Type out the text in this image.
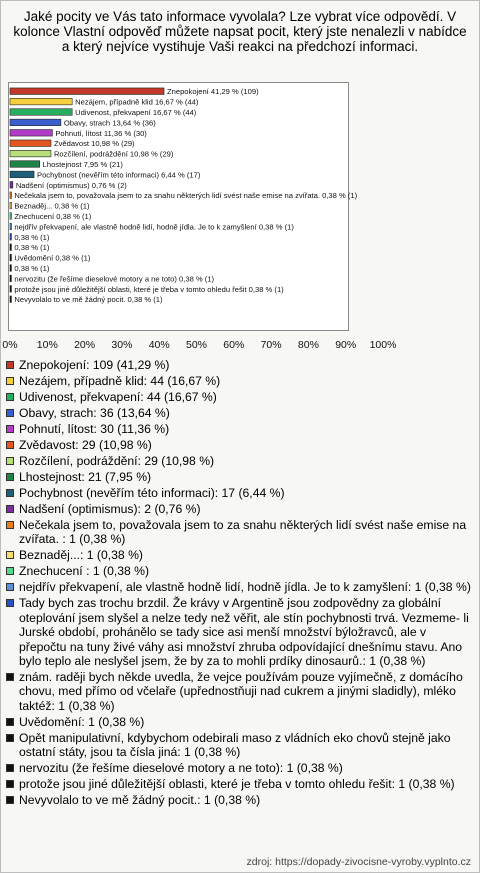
Jaké pocity ve Vás tato informace vyvolala? Lze vybrat více odpovědí. V kolonce Vlastní odpověď můžete napsat pocit, který jste nenalezli v nabídce a který nejvíce vystihuje Vaši reakci na předchozí informaci.
Znepokojení 41,29 % (109)
Nezájem, případně klid 16,67 % (44)
Udivenost, překvapení 16,67 % (44)
Obavy, strach 13,64 % (36)
Pohnutí, lítost 11,36 % (30)
Zvědavost 10,98 % (29)
Rozčílení, podráždění 10,98 % (29)
Lhostejnost 7,95 % (21)
Pochybnost (nevěřím této informaci) 6,44 % (17)
Nadšení (optimismus) 0,76 % (2)
Nečekala jsem to, považovala jsem to za snahu některých lidí svést naše emise na zvířata. 0,38 % (1)
Beznaděj... 0,38 % (1)
Znechucení 0,38 % (1)
nejdřív překvapení, ale vlastně hodně lidí, hodně jídla. Je to k zamyšlení 0,38 % (1)
0,38 % (1)
0,38 % (1)
Uvědomění 0,38 % (1)
0,38 % (1)
nervozitu (že řešíme dieselové motory a ne toto) 0,38 % (1)
protože jsou jiné důležitější oblasti, které je třeba v tomto ohledu řešit 0,38 % (1)
Nevyvolalo to ve mě žádný pocit. 0,38 % (1)
0% 10% 20% 30% 40% 50% 60% 70% 80% 90% 100%
Znepokojení: 109 (41,29 %)
Nezájem, případně klid: 44 (16,67 %)
Udivenost, překvapení: 44 (16,67 %)
Obavy, strach: 36 (13,64 %)
Pohnutí, lítost: 30 (11,36 %)
Zvědavost: 29 (10,98 %)
Rozčílení, podráždění: 29 (10,98 %)
Lhostejnost: 21 (7,95 %)
Pochybnost (nevěřím této informaci): 17 (6,44 %)
Nadšení (optimismus): 2 (0,76 %)
Nečekala jsem to, považovala jsem to za snahu některých lidí svést naše emise na zvířata. : 1 (0,38 %)
Beznaděj...: 1 (0,38 %)
Znechucení : 1 (0,38 %)
nejdřív překvapení, ale vlastně hodně lidí, hodně jídla. Je to k zamyšlení: 1 (0,38 %)
Tady bych zas trochu brzdil. Že krávy v Argentině jsou zodpovědny za globální oteplování jsem slyšel a nelze tedy než věřit, ale stín pochybnosti trvá. Vezmeme- li Jurské období, prohánělo se tady sice asi menší množství býložravců, ale v přepočtu na tuny živé váhy asi množství zhruba odpovídající dnešnímu stavu. Ano bylo teplo ale neslyšel jsem, že by za to mohli prdíky dinosaurů.: 1 (0,38 %)
znám. raději bych někde uvedla, že vejce používám pouze vyjímečně, z domácího chovu, med přímo od včelaře (upřednostňuji nad cukrem a jinými sladidly), mléko taktéž: 1 (0,38 %)
Uvědomění: 1 (0,38 %)
Opět manipulativní, kdybychom odebirali maso z vládních eko chovů stejně jako ostatní státy, jsou ta čísla jiná: 1 (0,38 %)
nervozitu (že řešíme dieselové motory a ne toto): 1 (0,38 %)
protože jsou jiné důležitější oblasti, které je třeba v tomto ohledu řešit: 1 (0,38 %)
Nevyvolalo to ve mě žádný pocit.: 1 (0,38 %)
zdroj: https://dopady-zivocisne-vyroby.vyplnto.cz
